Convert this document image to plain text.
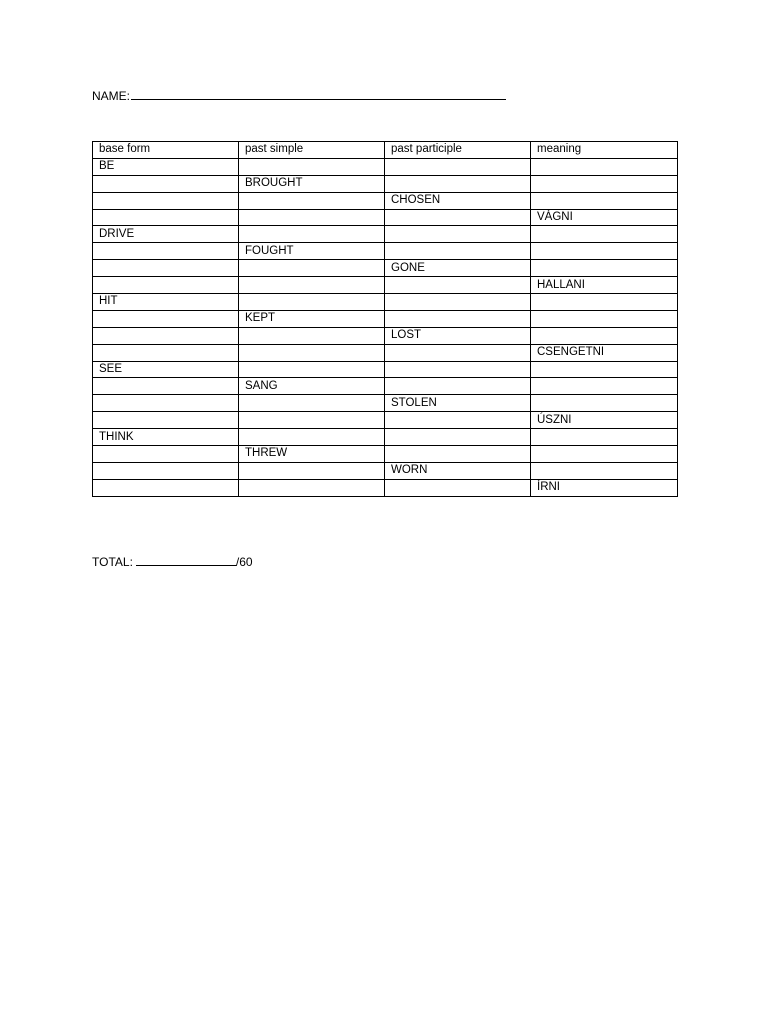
NAME:
base form	past simple	past participle	meaning
BE			
	BROUGHT		
		CHOSEN	
			VÁGNI
DRIVE			
	FOUGHT		
		GONE	
			HALLANI
HIT			
	KEPT		
		LOST	
			CSENGETNI
SEE			
	SANG		
		STOLEN	
			ÚSZNI
THINK			
	THREW		
		WORN	
			ÍRNI
TOTAL:	/60
